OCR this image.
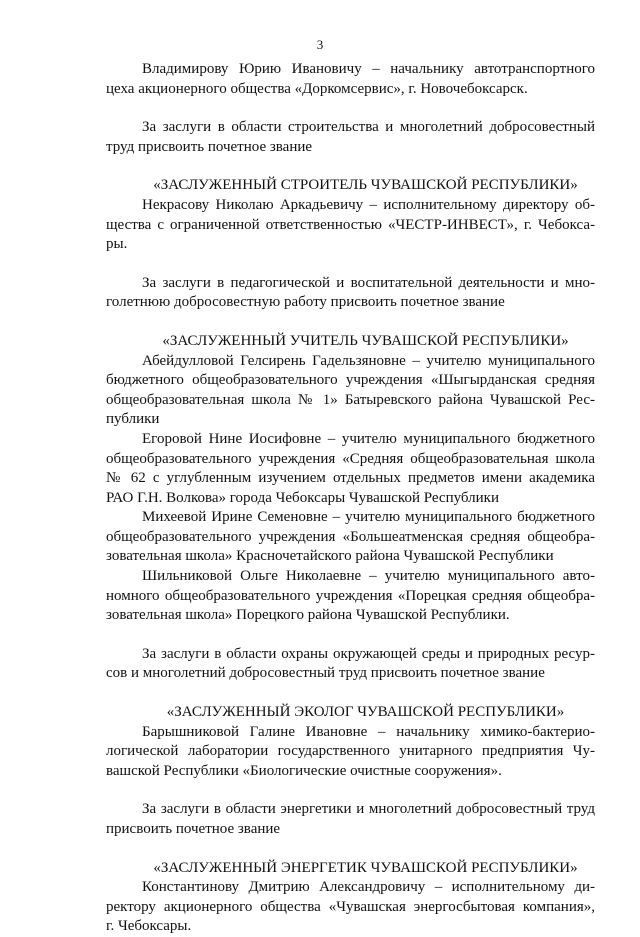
3
Владимирову Юрию Ивановичу – начальнику автотранспортного
цеха акционерного общества «Доркомсервис», г. Новочебоксарск.
За заслуги в области строительства и многолетний добросовестный
труд присвоить почетное звание
«ЗАСЛУЖЕННЫЙ СТРОИТЕЛЬ ЧУВАШСКОЙ РЕСПУБЛИКИ»
Некрасову Николаю Аркадьевичу – исполнительному директору об-
щества с ограниченной ответственностью «ЧЕСТР-ИНВЕСТ», г. Чебокса-
ры.
За заслуги в педагогической и воспитательной деятельности и мно-
голетнюю добросовестную работу присвоить почетное звание
«ЗАСЛУЖЕННЫЙ УЧИТЕЛЬ ЧУВАШСКОЙ РЕСПУБЛИКИ»
Абейдулловой Гелсирень Гадельзяновне – учителю муниципального
бюджетного общеобразовательного учреждения «Шыгырданская средняя
общеобразовательная школа № 1» Батыревского района Чувашской Рес-
публики
Егоровой Нине Иосифовне – учителю муниципального бюджетного
общеобразовательного учреждения «Средняя общеобразовательная школа
№ 62 с углубленным изучением отдельных предметов имени академика
РАО Г.Н. Волкова» города Чебоксары Чувашской Республики
Михеевой Ирине Семеновне – учителю муниципального бюджетного
общеобразовательного учреждения «Большеатменская средняя общеобра-
зовательная школа» Красночетайского района Чувашской Республики
Шильниковой Ольге Николаевне – учителю муниципального авто-
номного общеобразовательного учреждения «Порецкая средняя общеобра-
зовательная школа» Порецкого района Чувашской Республики.
За заслуги в области охраны окружающей среды и природных ресур-
сов и многолетний добросовестный труд присвоить почетное звание
«ЗАСЛУЖЕННЫЙ ЭКОЛОГ ЧУВАШСКОЙ РЕСПУБЛИКИ»
Барышниковой Галине Ивановне – начальнику химико-бактерио-
логической лаборатории государственного унитарного предприятия Чу-
вашской Республики «Биологические очистные сооружения».
За заслуги в области энергетики и многолетний добросовестный труд
присвоить почетное звание
«ЗАСЛУЖЕННЫЙ ЭНЕРГЕТИК ЧУВАШСКОЙ РЕСПУБЛИКИ»
Константинову Дмитрию Александровичу – исполнительному ди-
ректору акционерного общества «Чувашская энергосбытовая компания»,
г. Чебоксары.
